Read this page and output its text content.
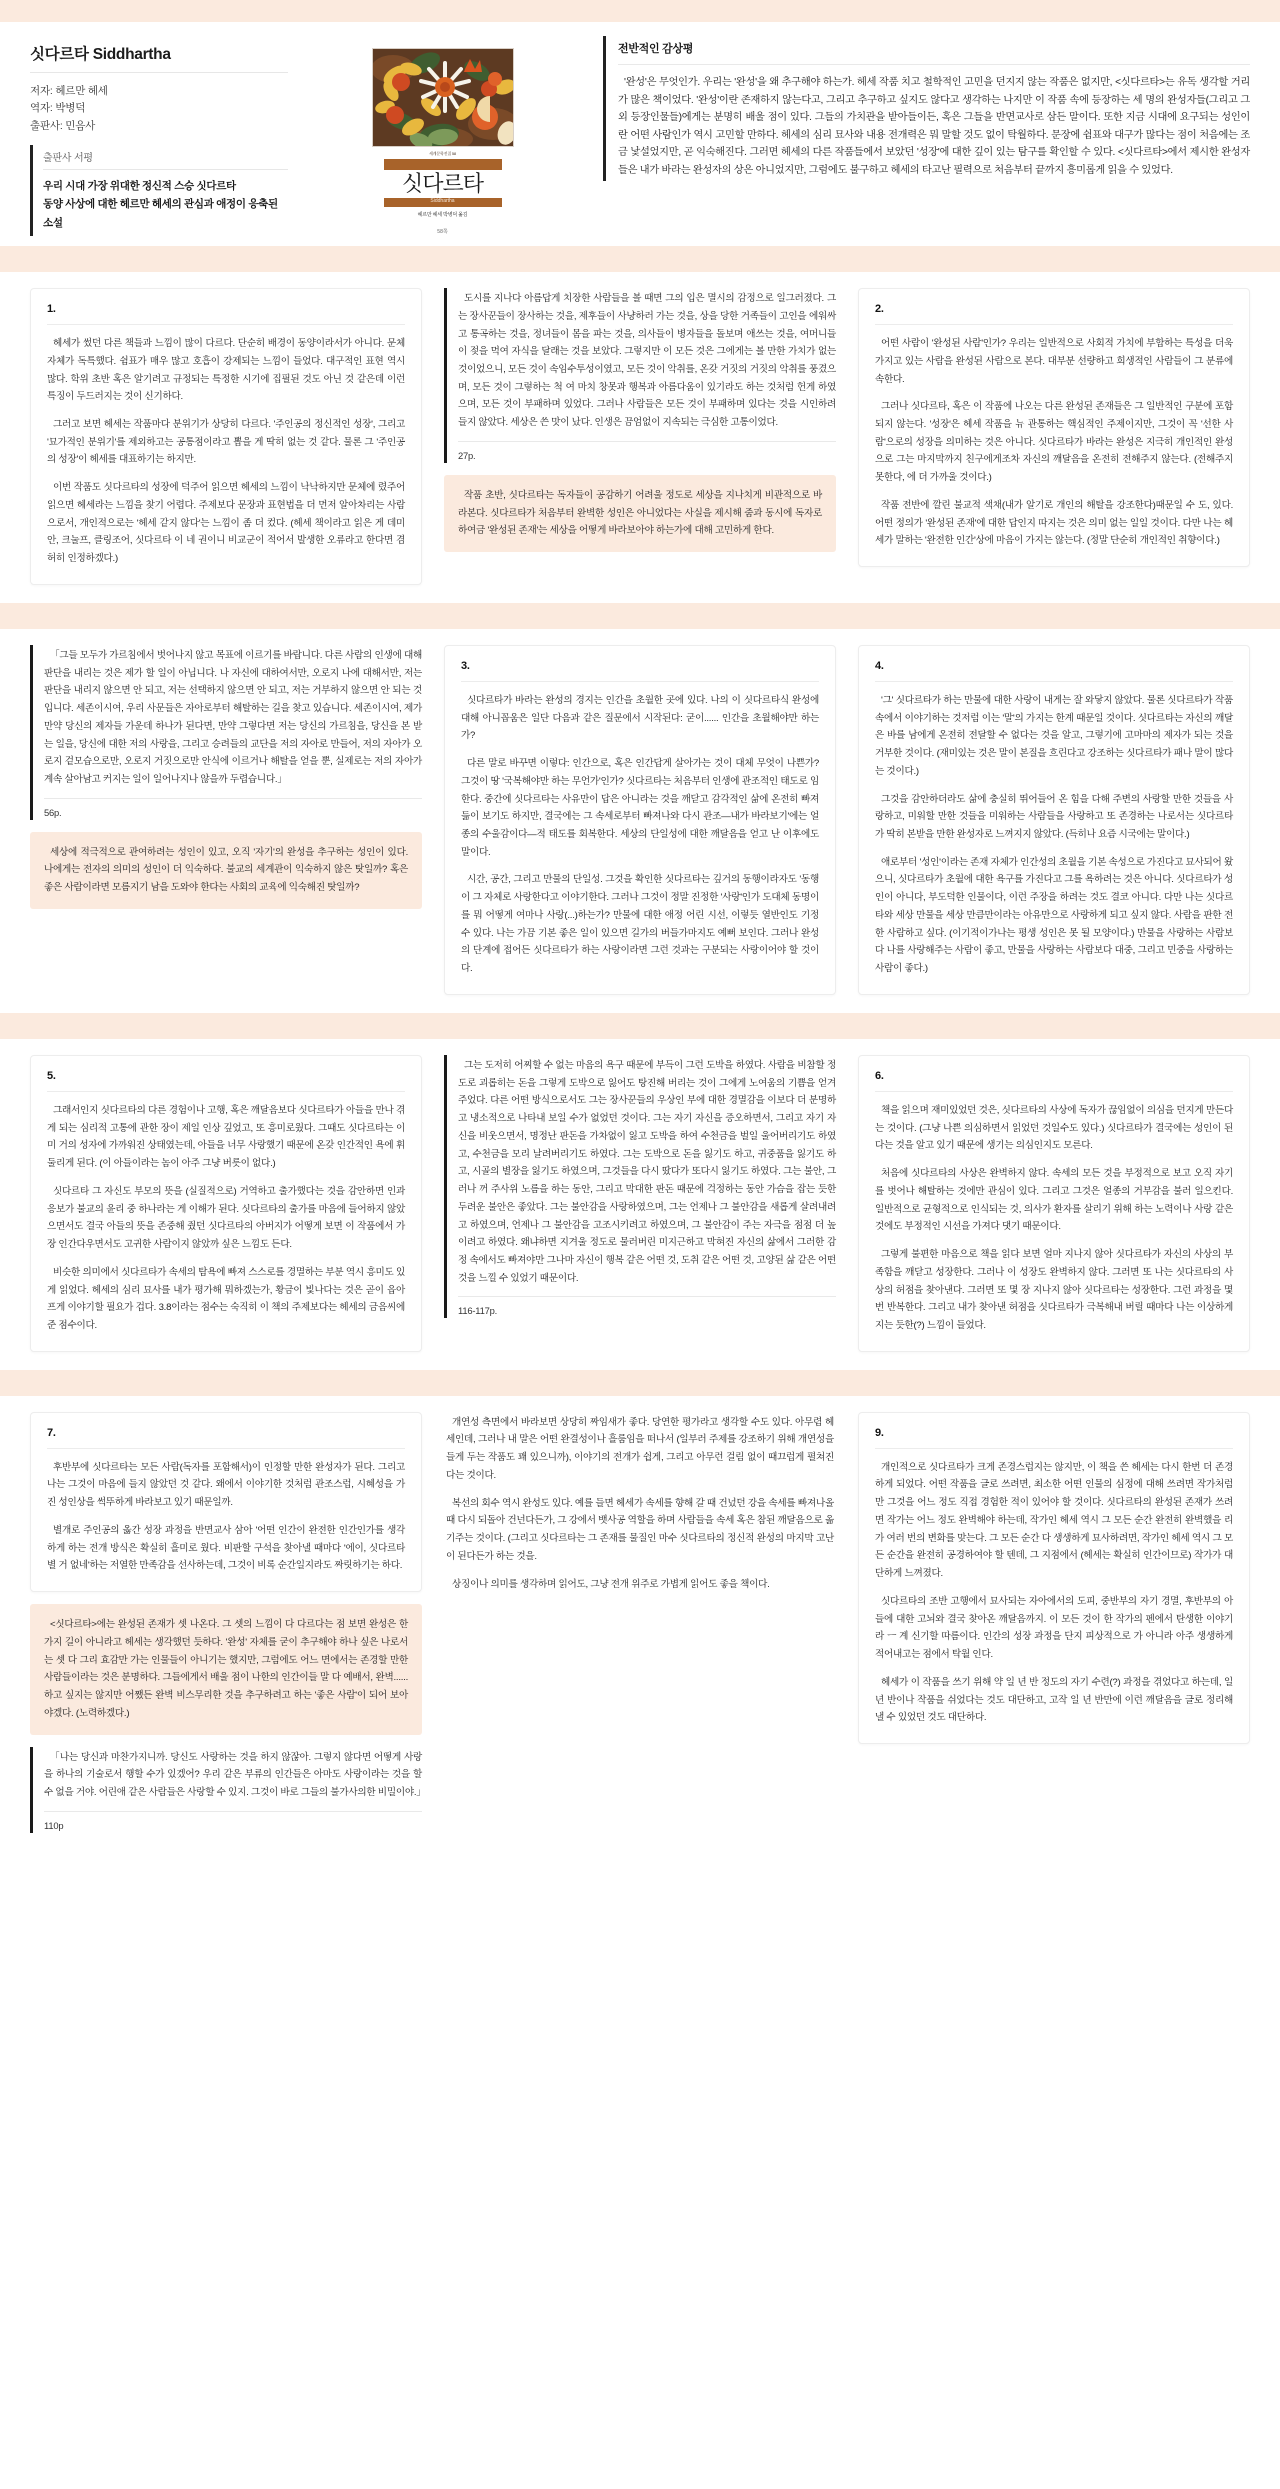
싯다르타 Siddhartha
저자: 헤르만 헤세
역자: 박병덕
출판사: 민음사
출판사 서평
우리 시대 가장 위대한 정신적 스승 싯다르타
동양 사상에 대한 헤르만 헤세의 관심과 애정이 응축된 소설
세계문학전집 58
싯다르타
Siddhartha
헤르만 헤세 박병덕 옮김
58쪽
전반적인 감상평

'완성'은 무엇인가. 우리는 '완성'을 왜 추구해야 하는가. 헤세 작품 치고 철학적인 고민을 던지지 않는 작품은 없지만, <싯다르타>는 유독 생각할 거리가 많은 책이었다. '완성'이란 존재하지 않는다고, 그리고 추구하고 싶지도 않다고 생각하는 나지만 이 작품 속에 등장하는 세 명의 완성자들(그리고 그 외 등장인물들)에게는 분명히 배울 점이 있다. 그들의 가치관을 받아들이든, 혹은 그들을 반면교사로 삼든 말이다. 또한 지금 시대에 요구되는 성인이란 어떤 사람인가 역시 고민할 만하다. 헤세의 심리 묘사와 내용 전개력은 뭐 말할 것도 없이 탁월하다. 문장에 쉼표와 대구가 많다는 점이 처음에는 조금 낯설었지만, 곧 익숙해진다. 그러면 헤세의 다른 작품들에서 보았던 '성장'에 대한 깊이 있는 탐구를 확인할 수 있다. <싯다르타>에서 제시한 완성자들은 내가 바라는 완성자의 상은 아니었지만, 그럼에도 불구하고 헤세의 타고난 필력으로 처음부터 끝까지 흥미롭게 읽을 수 있었다.

1.

헤세가 썼던 다른 책들과 느낌이 많이 다르다. 단순히 배경이 동양이라서가 아니다. 문체 자체가 독특했다. 쉼표가 매우 많고 호흡이 강제되는 느낌이 들었다. 대구적인 표현 역시 많다. 학위 초반 혹은 알기려고 규정되는 특정한 시기에 집필된 것도 아닌 것 같은데 이런 특징이 두드러지는 것이 신기하다.

그러고 보면 헤세는 작품마다 분위기가 상당히 다르다. '주인공의 정신적인 성장', 그리고 '묘가적인 분위기'를 제외하고는 공통점이라고 뽑을 게 딱히 없는 것 같다. 물론 그 '주인공의 성장'이 헤세를 대표하기는 하지만.

이번 작품도 싯다르타의 성장에 덕주어 읽으면 헤세의 느낌이 낙낙하지만 문체에 렸주어 읽으면 헤세라는 느낌을 찾기 어렵다. 주제보다 문장과 표현법을 더 먼저 알아차리는 사람으로서, 개인적으로는 '헤세 같지 않다'는 느낌이 좀 더 컸다. (헤세 책이라고 읽은 게 데미안, 크눌프, 클링조어, 싯다르타 이 네 권이니 비교군이 적어서 발생한 오류라고 한다면 겸허히 인정하겠다.)

도시를 지나다 아름답게 치장한 사람들을 볼 때면 그의 입은 멸시의 감정으로 일그러졌다. 그는 장사꾼들이 장사하는 것을, 제후들이 사냥하러 가는 것을, 상을 당한 거족들이 고인을 에워싸고 통곡하는 것을, 정녀들이 몸을 파는 것을, 의사들이 병자들을 돌보며 애쓰는 것을, 여머니들이 젖을 먹여 자식을 달래는 것을 보았다. 그렇지만 이 모든 것은 그에게는 볼 만한 가치가 없는 것이었으니, 모든 것이 속임수투성이였고, 모든 것이 악취를, 온갖 거짓의 거짓의 악취를 풍겼으며, 모든 것이 그렇하는 척 여 마치 창못과 행복과 아름다움이 있기라도 하는 것처럼 헌게 하였으며, 모든 것이 부패하며 있었다. 그러나 사람들은 모든 것이 부패하며 있다는 것을 시인하려 들지 않았다. 세상은 쓴 맛이 났다. 인생은 끔엄없이 지속되는 극심한 고통이었다.

27p.

작품 초반, 싯다르타는 독자들이 공감하기 어려울 정도로 세상을 지나치게 비관적으로 바라본다. 싯다르타가 처음부터 완벽한 성인은 아니었다는 사실을 제시해 줌과 동시에 독자로 하여금 '완성된 존재'는 세상을 어떻게 바라보아야 하는가에 대해 고민하게 한다.

2.

어떤 사람이 '완성된 사람'인가? 우리는 일반적으로 사회적 가치에 부합하는 특성을 더욱 가지고 있는 사람을 완성된 사람으로 본다. 대부분 선량하고 희생적인 사람들이 그 분류에 속한다.

그러나 싯다르타, 혹은 이 작품에 나오는 다른 완성된 존재들은 그 일반적인 구분에 포함되지 않는다. '성장'은 헤세 작품을 뉴 관통하는 핵심적인 주제이지만, 그것이 꼭 '선한 사람'으로의 성장을 의미하는 것은 아니다. 싯다르타가 바라는 완성은 지극히 개인적인 완성으로 그는 마지막까지 친구에게조차 자신의 깨달음을 온전히 전해주지 않는다. (전해주지 못한다, 에 더 가까울 것이다.)

작품 전반에 깔린 불교적 색채(내가 알기로 개인의 해탈을 강조한다)때문일 수 도, 있다. 어떤 정의가 '완성된 존재'에 대한 답인지 따지는 것은 의미 없는 일일 것이다. 다만 나는 헤세가 말하는 '완전한 인간'상에 마음이 가지는 않는다. (정말 단순히 개인적인 취향이다.)

「그들 모두가 가르침에서 벗어나지 않고 목표에 이르기를 바랍니다. 다른 사람의 인생에 대해 판단을 내리는 것은 제가 할 일이 아닙니다. 나 자신에 대하여서만, 오로지 나에 대해서만, 저는 판단을 내리지 않으면 안 되고, 저는 선택하지 않으면 안 되고, 저는 거부하지 않으면 안 되는 것입니다. 세존이시여, 우리 사문들은 자아로부터 해탈하는 길을 찾고 있습니다. 세존이시여, 제가 만약 당신의 제자들 가운데 하나가 된다면, 만약 그렇다면 저는 당신의 가르침을, 당신을 본 받는 일을, 당신에 대한 저의 사랑을, 그리고 승려들의 교단을 저의 자아로 만들어, 저의 자아가 오로지 겉모습으로만, 오로지 거짓으로만 안식에 이르거나 해탈을 얻을 뿐, 실제로는 저의 자아가 계속 살아남고 커지는 일이 일어나지나 않을까 두렵습니다.」

56p.

세상에 적극적으로 관여하려는 성인이 있고, 오직 '자기'의 완성을 추구하는 성인이 있다. 나에게는 전자의 의미의 성인이 더 익숙하다. 불교의 세계관이 익숙하지 않은 탓일까? 혹은 좋은 사람이라면 모름지기 남을 도와야 한다는 사회의 교육에 익숙해진 탓일까?

3.

싯다르타가 바라는 완성의 경지는 인간을 초월한 곳에 있다. 나의 이 싯다르타식 완성에 대해 아니꼽움은 일단 다음과 같은 질문에서 시작된다: 굳이...... 인간을 초월해야만 하는가?

다른 말로 바꾸면 이렇다: 인간으로, 혹은 인간답게 살아가는 것이 대체 무엇이 나쁜가? 그것이 땅 '국복해야만 하는 무언가'인가? 싯다르타는 처음부터 인생에 관조적인 태도로 임한다. 중간에 싯다르타는 사유만이 답은 아니라는 것을 깨닫고 감각적인 삶에 온전히 빠져듦이 보기도 하지만, 결국에는 그 속세로부터 빠져나와 다시 관조—내가 바라보기'에는 얼종의 수울감이다—적 태도를 회복한다. 세상의 단일성에 대한 깨달음을 얻고 난 이후에도 말이다.

시간, 공간, 그리고 만물의 단일성. 그것을 확인한 싯다르타는 깊거의 동행이라자도 '동행이 그 자체로 사랑한다고 이야기한다. 그러나 그것이 정말 진정한 '사랑'인가 도대체 동명이를 뭐 어떻게 여마나 사랑(...)하는가? 만물에 대한 애정 어린 시선, 이렇듯 열반인도 기정 수 있다. 나는 가끔 기본 좋은 일이 있으면 길가의 버들가마지도 예뻐 보인다. 그러나 완성의 단계에 접어든 싯다르타가 하는 사랑이라면 그런 것과는 구분되는 사랑이어야 할 것이다.

4.

'그' 싯다르타가 하는 만물에 대한 사랑이 내게는 잘 와닿지 않았다. 물론 싯다르타가 작품 속에서 이야기하는 것저럼 이는 '말'의 가지는 한계 때문일 것이다. 싯다르타는 자신의 깨달은 바를 남에게 온전히 전달할 수 없다는 것을 알고, 그렇기에 고마마의 제자가 되는 것을 거부한 것이다. (재미있는 것은 말이 본질을 흐린다고 강조하는 싯다르타가 패나 말이 많다는 것이다.)

그것을 감안하더라도 삶에 충실히 뛰어들어 온 힘을 다해 주변의 사랑할 만한 것들을 사랑하고, 미워할 만한 것들을 미워하는 사람들을 사랑하고 또 존경하는 나로서는 싯다르타가 딱히 본받을 만한 완성자로 느껴지지 않았다. (득히나 요즘 시국에는 말이다.)

애로부터 '성인'이라는 존재 자체가 인간성의 초월을 기본 속성으로 가진다고 묘사되어 왔으니, 싯다르타가 초월에 대한 욕구를 가진다고 그를 욕하려는 것은 아니다. 싯다르타가 성인이 아니다, 부도덕한 인물이다, 이런 주장을 하려는 것도 결코 아니다. 다만 나는 싯다르타와 세상 만물을 세상 만큼만이라는 아유만으로 사랑하게 되고 싶지 않다. 사람을 판한 전한 사람하고 싶다. (이기적이가나는 평생 성인은 못 될 모양이다.) 만물을 사랑하는 사람보다 나를 사랑해주는 사람이 좋고, 만물을 사랑하는 사람보다 대중, 그리고 민중을 사랑하는 사람이 좋다.)

5.

그래서인지 싯다르타의 다른 경험이나 고행, 혹은 깨달음보다 싯다르타가 아들을 만나 겪게 되는 심리적 고통에 관한 장이 제일 인상 깊었고, 또 흥미로웠다. 그때도 싯다르타는 이미 거의 성자에 가까워진 상태였는데, 아들을 너무 사랑했기 때문에 온갖 인간적인 욕에 휘둘리게 된다. (이 아들이라는 놈이 아주 그냥 버릇이 없다.)

싯다르타 그 자신도 부모의 뜻을 (실질적으로) 거역하고 출가했다는 것을 감안하면 인과응보가 불교의 윤리 중 하나라는 게 이해가 된다. 싯다르타의 출가를 마음에 들어하지 않았으면서도 결국 아들의 뜻을 존중해 줬던 싯다르타의 아버지가 어떻게 보면 이 작품에서 가장 인간다우면서도 고귀한 사람이지 않았까 싶은 느낌도 든다.

비슷한 의미에서 싯다르타가 속세의 탐욕에 빠져 스스로를 경멸하는 부분 역시 흥미도 있게 읽었다. 헤세의 심리 묘사를 내가 평가해 뭐하겠는가, 황금이 빛나다는 것은 곧이 읍아프게 이야기할 필요가 겁다. 3.8이라는 점수는 숙직히 이 책의 주제보다는 헤세의 금음씨에 준 점수이다.

그는 도저히 어찌할 수 없는 마음의 욕구 때문에 부득이 그런 도박을 하였다. 사람을 비참할 정도로 괴롭히는 돈을 그렇게 도박으로 잃어도 탕진해 버리는 것이 그에게 노여움의 기쁨을 얻겨주었다. 다른 어떤 방식으로서도 그는 장사꾼들의 우상인 부에 대한 경멸감을 이보다 더 분명하고 냉소적으로 나타내 보일 수가 없었던 것이다. 그는 자기 자신을 증오하면서, 그리고 자기 자신을 비웃으면서, 명정난 판돈을 가차없이 잃고 도박을 하여 수천금을 벌일 울어버리기도 하였고, 수천금을 모리 날려버리기도 하였다. 그는 도박으로 돈을 잃기도 하고, 귀중품을 잃기도 하고, 시골의 별장을 잃기도 하였으며, 그것들을 다시 땄다가 또다시 잃기도 하였다. 그는 불안, 그러나 꺼 주사위 노름을 하는 동안, 그리고 막대한 판돈 때문에 걱정하는 동안 가슴을 잡는 듯한 두려운 불안은 좋았다. 그는 불안감을 사랑하였으며, 그는 언제나 그 불안감을 새롭게 살려내려고 하였으며, 언제나 그 불안감을 고조시키려고 하였으며, 그 불안감이 주는 자극을 점점 더 높이려고 하였다. 왜냐하면 지겨울 정도로 물러버린 미지근하고 막혀진 자신의 삶에서 그러한 감정 속에서도 빠져야만 그나마 자신이 행복 같은 어떤 것, 도취 같은 어떤 것, 고양된 삶 같은 어떤 것을 느낄 수 있었기 때문이다.

116-117p.
6.

책을 읽으며 재미있었던 것은, 싯다르타의 사상에 독자가 끊임없이 의심을 던지게 만든다는 것이다. (그냥 나쁜 의심하면서 읽었던 것일수도 있다.) 싯다르타가 결국에는 성인이 된다는 것을 알고 있기 때문에 생기는 의심인지도 모른다.

처음에 싯다르타의 사상은 완벽하지 않다. 속세의 모든 것을 부정적으로 보고 오직 자기를 벗어나 해탈하는 것에만 관심이 있다. 그리고 그것은 얼종의 거부감을 불러 일으킨다. 일반적으로 균형적으로 인식되는 것, 의사가 환자를 살리기 위해 하는 노력이나 사랑 같은 것에도 부정적인 시선을 가져다 댓기 때문이다.

그렇게 불편한 마음으로 책을 읽다 보면 얼마 지나지 않아 싯다르타가 자신의 사상의 부족함을 깨닫고 성장한다. 그러나 이 성장도 완벽하지 않다. 그러면 또 나는 싯다르타의 사상의 허점을 찾아낸다. 그러면 또 몇 장 지나지 않아 싯다르타는 성장한다. 그런 과정을 몇 번 반복한다. 그리고 내가 찾아낸 허점을 싯다르타가 극복해내 버릴 때마다 나는 이상하게 지는 듯한(?) 느낌이 들었다.

7.

후반부에 싯다르타는 모든 사람(독자를 포함해서)이 인정할 만한 완성자가 된다. 그리고 나는 그것이 마음에 들지 않았던 것 같다. 왜에서 이야기한 것처럼 관조스럽, 시혜성을 가진 성인상을 썩뚜하게 바라보고 있기 때문일까.

별개로 주인공의 옳간 성장 과정을 반면교사 삼아 '어떤 인간이 완전한 인간인가를 생각하게 하는 전개 방식은 확실히 흘미로 웠다. 비판할 구석을 찾아낼 때마다 '에이, 싯다르타 별 거 없네'하는 저열한 만족감을 선사하는데, 그것이 비록 순간일지라도 짜릿하기는 하다.

<싯다르타>에는 완성된 존재가 셋 나온다. 그 셋의 느낌이 다 다르다는 점 보면 완성은 한 가지 길이 아니라고 헤세는 생각했던 듯하다. '완성' 자체를 굳이 추구해야 하나 싶은 나로서는 셋 다 그리 효감만 가는 인물들이 아니기는 했지만, 그럼에도 어느 면에서는 존경할 만한 사람들이라는 것은 분명하다. 그들에게서 배울 점이 나한의 인간이들 말 다 예배서, 완벽......하고 싶지는 않지만 어쨌든 완벽 비스무리한 것을 추구하려고 하는 '좋은 사람'이 되어 보아야겠다. (노력하겠다.)

「나는 당신과 마찬가지니까. 당신도 사랑하는 것을 하지 않잖아. 그렇지 않다면 어떻게 사랑을 하나의 기술로서 행할 수가 있겠어? 우리 같은 부류의 인간들은 아마도 사랑이라는 것을 할 수 없을 거야. 어린애 같은 사람들은 사랑할 수 있지. 그것이 바로 그들의 불가사의한 비밀이야.」

110p

개연성 측면에서 바라보면 상당히 짜임새가 좋다. 당연한 평가라고 생각할 수도 있다. 아무렴 헤세인데, 그러나 내 말은 어떤 완결성이나 흘룸임을 떠나서 (일부러 주제를 강조하기 위해 개연성을 들게 두는 작품도 꽤 있으니까), 이야기의 전개가 쉽게, 그리고 아무런 걸림 없이 때끄럽게 펼쳐진다는 것이다.

복선의 회수 역시 완성도 있다. 예를 들면 헤세가 속세를 향해 갈 때 건넜던 강을 속세를 빠져나올 때 다시 되돌아 건넌다든가, 그 강에서 뱃사공 역할을 하며 사람들을 속세 혹은 참된 깨달음으로 옮기주는 것이다. (그리고 싯다르타는 그 존재를 물질인 마수 싯다르타의 정신적 완성의 마지막 고난이 된다든가 하는 것을.

상징이나 의미를 생각하며 읽어도, 그냥 전개 위주로 가볍게 읽어도 좋을 책이다.

9.

개인적으로 싯다르타가 크게 존경스럽지는 않지만, 이 책을 쓴 헤세는 다시 한번 더 존경하게 되었다. 어떤 작품을 글로 쓰려면, 최소한 어떤 인물의 심정에 대해 쓰려면 작가처럼 만 그것을 어느 정도 직접 경험한 적이 있어야 할 것이다. 싯다르타의 완성된 존재가 쓰려면 작가는 어느 정도 완벽해야 하는데, 작가인 헤세 역시 그 모든 순간 완전히 완벽했을 리가 여러 번의 변화를 맞는다. 그 모든 순간 다 생생하게 묘사하려면, 작가인 헤세 역시 그 모든 순간을 완전히 공경하여야 할 텐데, 그 지점에서 (헤세는 확실히 인간이므로) 작가가 대단하게 느껴졌다.

싯다르타의 조반 고행에서 묘사되는 자아에서의 도피, 중반부의 자기 경멸, 후반부의 아들에 대한 고뇌와 결국 찾아온 깨달음까지. 이 모든 것이 한 작가의 펜에서 탄생한 이야기라 ㅡ 계 신기할 따름이다. 인간의 성장 과정을 단지 피상적으로 가 아니라 아주 생생하게 적어내고는 점에서 탁월 인다.

헤세가 이 작품을 쓰기 위해 약 일 년 반 정도의 자기 수련(?) 과정을 겪었다고 하는데, 일 년 반이나 작품을 쉬었다는 것도 대단하고, 고작 일 년 반만에 이런 깨달음을 글로 정리해낼 수 있었던 것도 대단하다.
